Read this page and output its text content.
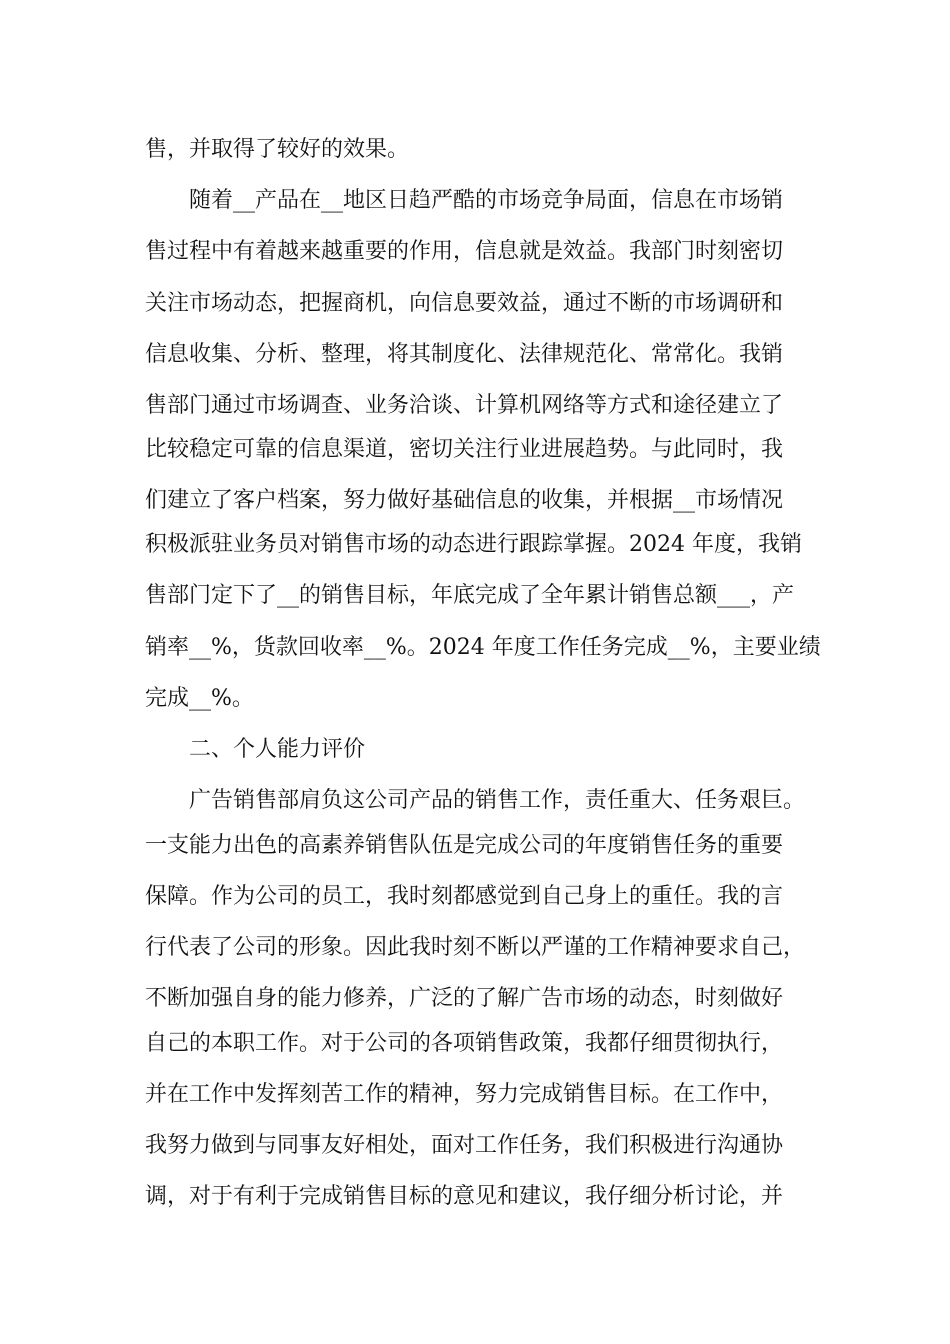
售，并取得了较好的效果。
随着__产品在__地区日趋严酷的市场竞争局面，信息在市场销
售过程中有着越来越重要的作用，信息就是效益。我部门时刻密切
关注市场动态，把握商机，向信息要效益，通过不断的市场调研和
信息收集、分析、整理，将其制度化、法律规范化、常常化。我销
售部门通过市场调查、业务洽谈、计算机网络等方式和途径建立了
比较稳定可靠的信息渠道，密切关注行业进展趋势。与此同时，我
们建立了客户档案，努力做好基础信息的收集，并根据__市场情况
积极派驻业务员对销售市场的动态进行跟踪掌握。2024 年度，我销
售部门定下了__的销售目标，年底完成了全年累计销售总额___，产
销率__%，货款回收率__%。2024 年度工作任务完成__%，主要业绩
完成__%。
二、个人能力评价
广告销售部肩负这公司产品的销售工作，责任重大、任务艰巨。
一支能力出色的高素养销售队伍是完成公司的年度销售任务的重要
保障。作为公司的员工，我时刻都感觉到自己身上的重任。我的言
行代表了公司的形象。因此我时刻不断以严谨的工作精神要求自己，
不断加强自身的能力修养，广泛的了解广告市场的动态，时刻做好
自己的本职工作。对于公司的各项销售政策，我都仔细贯彻执行，
并在工作中发挥刻苦工作的精神，努力完成销售目标。在工作中，
我努力做到与同事友好相处，面对工作任务，我们积极进行沟通协
调，对于有利于完成销售目标的意见和建议，我仔细分析讨论，并
